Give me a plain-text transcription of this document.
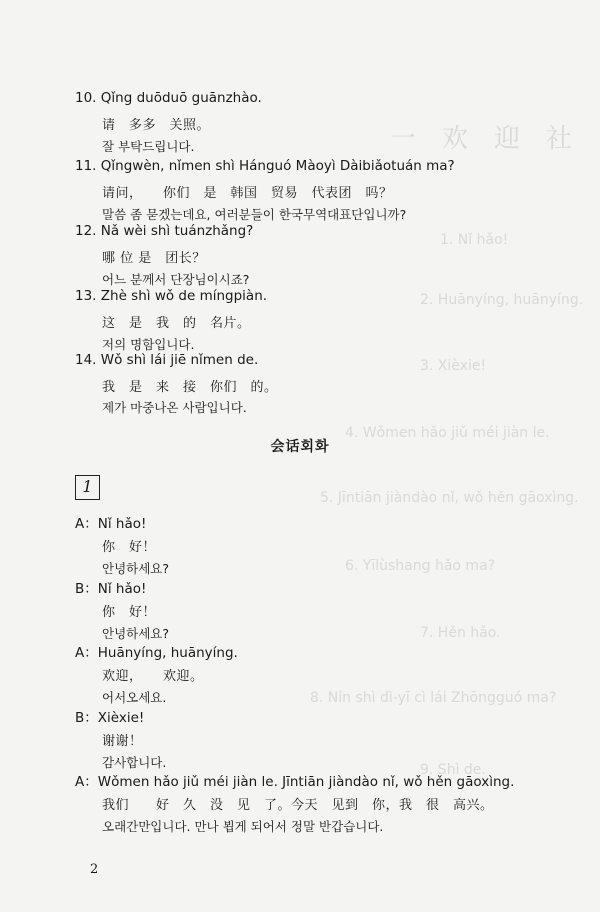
一　欢　迎　社
1. Nǐ hǎo!
2. Huānyíng, huānyíng.
3. Xièxie!
4. Wǒmen hǎo jiǔ méi jiàn le.
5. Jīntiān jiàndào nǐ, wǒ hěn gāoxìng.
6. Yīlùshang hǎo ma?
7. Hěn hǎo.
8. Nín shì dì-yī cì lái Zhōngguó ma?
9. Shì de.
10. Qǐng duōduō guānzhào.
请　多多　关照。
잘 부탁드립니다.
11. Qǐngwèn, nǐmen shì Hánguó Màoyì Dàibiǎotuán ma?
请问，　　你们　是　韩国　贸易　代表团　吗？
말씀 좀 묻겠는데요, 여러분들이 한국무역대표단입니까?
12. Nǎ wèi shì tuánzhǎng?
哪 位 是　团长？
어느 분께서 단장님이시죠?
13. Zhè shì wǒ de míngpiàn.
这　是　我　的　名片。
저의 명함입니다.
14. Wǒ shì lái jiē nǐmen de.
我　是　来　接　你们　的。
제가 마중나온 사람입니다.
会话회화
1
A：Nǐ hǎo!
你　好！
안녕하세요?
B：Nǐ hǎo!
你　好！
안녕하세요?
A：Huānyíng, huānyíng.
欢迎，　　欢迎。
어서오세요.
B：Xièxie!
谢谢！
감사합니다.
A：Wǒmen hǎo jiǔ méi jiàn le. Jīntiān jiàndào nǐ, wǒ hěn gāoxìng.
我们　　好　久　没　见　了。今天　见到　你，我　很　高兴。
오래간만입니다. 만나 뵙게 되어서 정말 반갑습니다.
2
